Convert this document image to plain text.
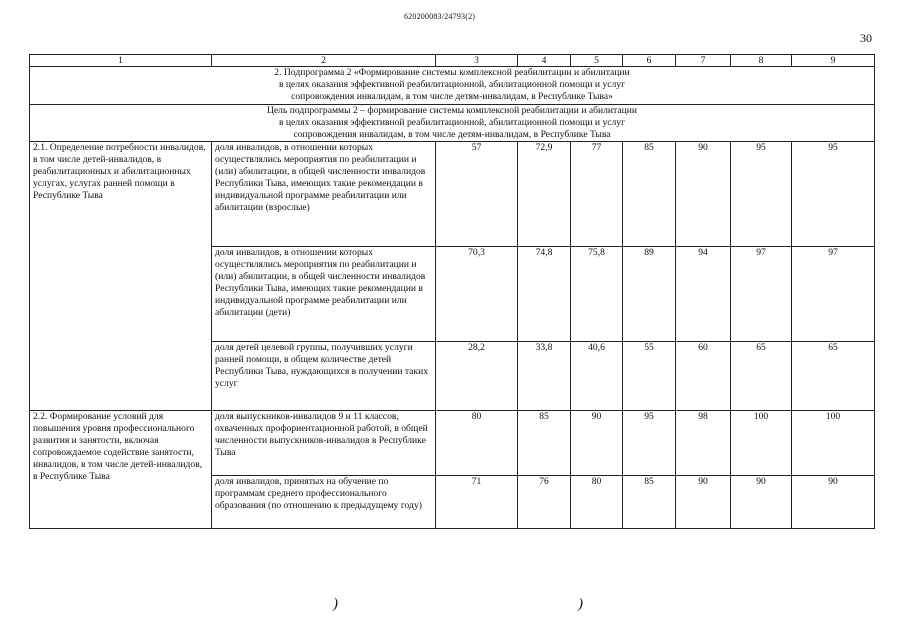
620200083/24793(2)
30
1	2	3	4	5	6	7	8	9

2. Подпрограмма 2 «Формирование системы комплексной реабилитации и абилитации
в целях оказания эффективной реабилитационной, абилитационной помощи и услуг
сопровождения инвалидам, в том числе детям-инвалидам, в Республике Тыва»								

Цель подпрограммы 2 – формирование системы комплексной реабилитации и абилитации
в целях оказания эффективной реабилитационной, абилитационной помощи и услуг
сопровождения инвалидам, в том числе детям-инвалидам, в Республике Тыва								

2.1. Определение потребности инвалидов, в том числе детей-инвалидов, в реабилитационных и абилитационных услугах, услугах ранней помощи в Республике Тыва	доля инвалидов, в отношении которых осуществлялись мероприятия по реабилитации и (или) абилитации, в общей численности инвалидов Республики Тыва, имеющих такие рекомендации в индивидуальной программе реабилитации или абилитации (взрослые)	57	72,9	77	85	90	95	95
	доля инвалидов, в отношении которых осуществлялись мероприятия по реабилитации и (или) абилитации, в общей численности инвалидов Республики Тыва, имеющих такие рекомендации в индивидуальной программе реабилитации или абилитации (дети)	70,3	74,8	75,8	89	94	97	97
	доля детей целевой группы, получивших услуги ранней помощи, в общем количестве детей Республики Тыва, нуждающихся в получении таких услуг	28,2	33,8	40,6	55	60	65	65
2.2. Формирование условий для повышения уровня профессионального развития и занятости, включая сопровождаемое содействие занятости, инвалидов, в том числе детей-инвалидов, в Республике Тыва	доля выпускников-инвалидов 9 и 11 классов, охваченных профориентационной работой, в общей численности выпускников-инвалидов в Республике Тыва	80	85	90	95	98	100	100
	доля инвалидов, принятых на обучение по программам среднего профессионального образования (по отношению к предыдущему году)	71	76	80	85	90	90	90
)	)
